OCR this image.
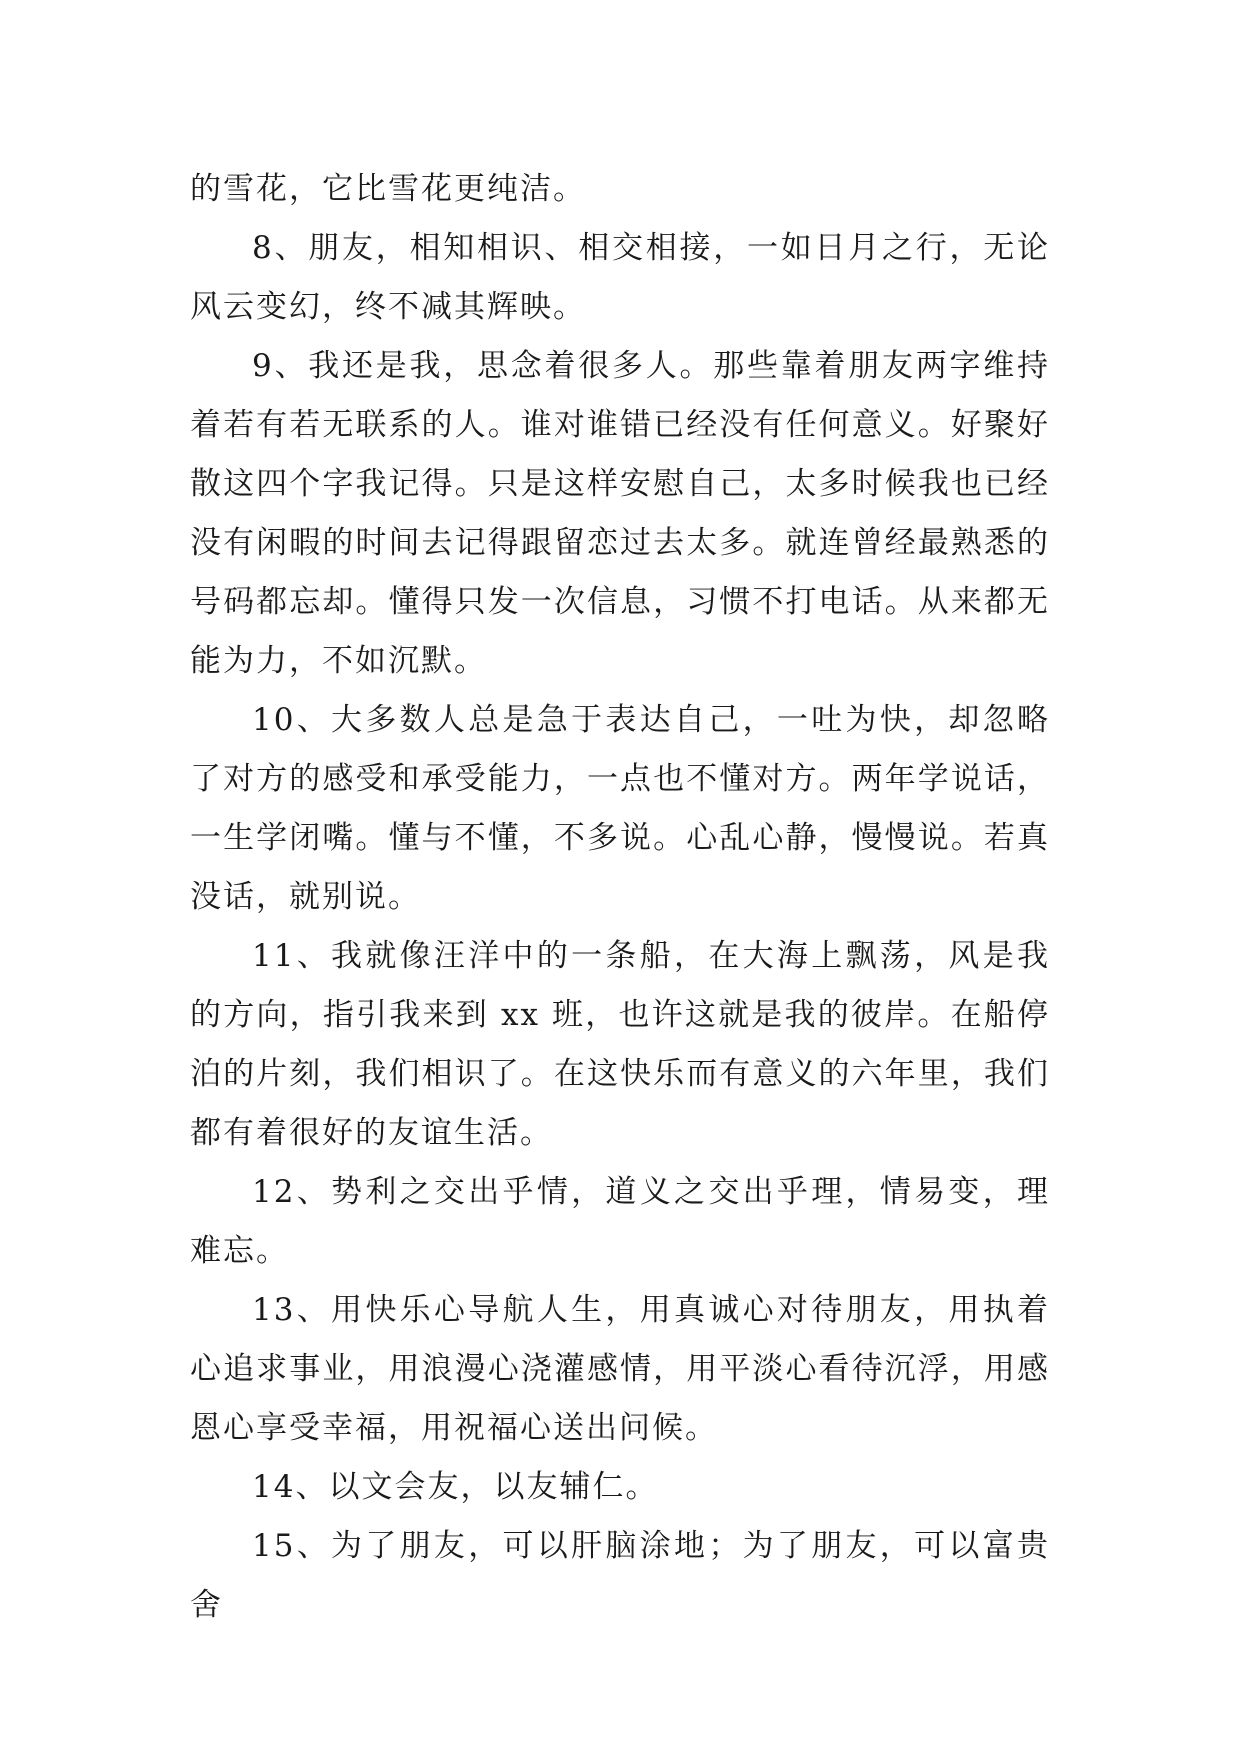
的雪花，它比雪花更纯洁。

8、朋友，相知相识、相交相接，一如日月之行，无论风云变幻，终不减其辉映。

9、我还是我，思念着很多人。那些靠着朋友两字维持着若有若无联系的人。谁对谁错已经没有任何意义。好聚好散这四个字我记得。只是这样安慰自己，太多时候我也已经没有闲暇的时间去记得跟留恋过去太多。就连曾经最熟悉的号码都忘却。懂得只发一次信息，习惯不打电话。从来都无能为力，不如沉默。

10、大多数人总是急于表达自己，一吐为快，却忽略了对方的感受和承受能力，一点也不懂对方。两年学说话，一生学闭嘴。懂与不懂，不多说。心乱心静，慢慢说。若真没话，就别说。

11、我就像汪洋中的一条船，在大海上飘荡，风是我的方向，指引我来到 xx 班，也许这就是我的彼岸。在船停泊的片刻，我们相识了。在这快乐而有意义的六年里，我们都有着很好的友谊生活。

12、势利之交出乎情，道义之交出乎理，情易变，理难忘。

13、用快乐心导航人生，用真诚心对待朋友，用执着心追求事业，用浪漫心浇灌感情，用平淡心看待沉浮，用感恩心享受幸福，用祝福心送出问候。

14、以文会友，以友辅仁。

15、为了朋友，可以肝脑涂地；为了朋友，可以富贵舍
